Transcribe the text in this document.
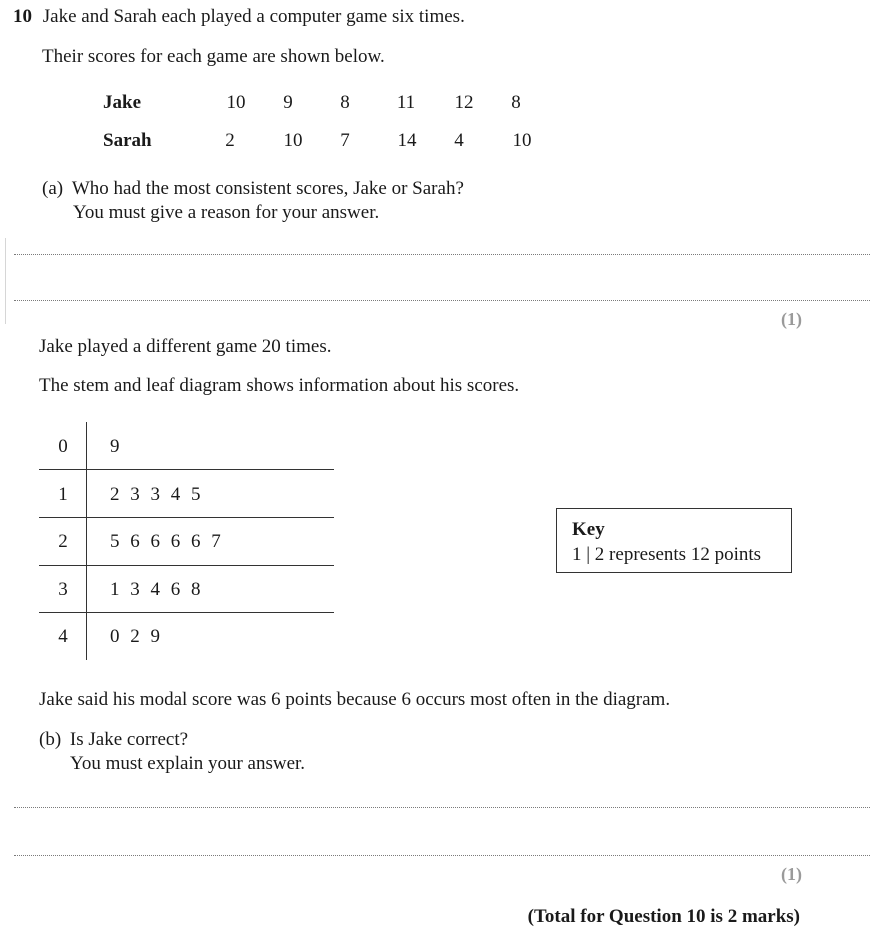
10 Jake and Sarah each played a computer game six times.
Their scores for each game are shown below.
Jake	10	9	8	11	12	8
Sarah	2	10	7	14	4	10
(a) Who had the most consistent scores, Jake or Sarah?
You must give a reason for your answer.
(1)
Jake played a different game 20 times.
The stem and leaf diagram shows information about his scores.
0	9
1	2 3 3 4 5
2	5 6 6 6 6 7
3	1 3 4 6 8
4	0 2 9
Key
1 | 2 represents 12 points
Jake said his modal score was 6 points because 6 occurs most often in the diagram.
(b) Is Jake correct?
You must explain your answer.
(1)
(Total for Question 10 is 2 marks)
